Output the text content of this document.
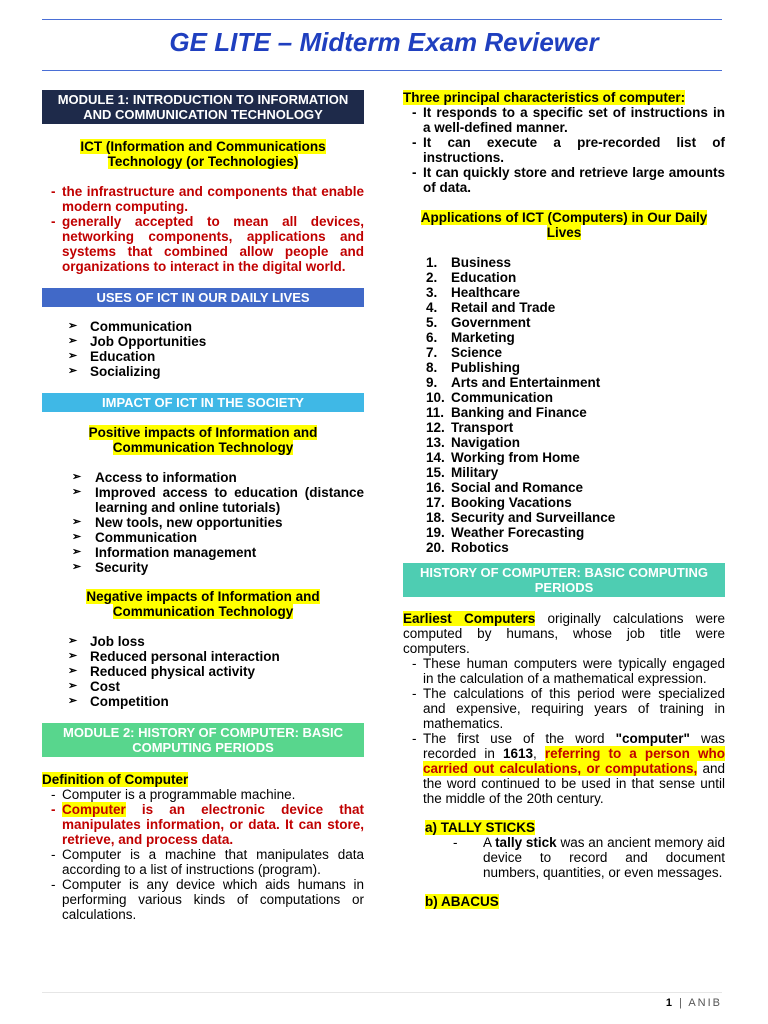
GE LITE – Midterm Exam Reviewer
MODULE 1: INTRODUCTION TO INFORMATION AND COMMUNICATION TECHNOLOGY
ICT (Information and Communications Technology (or Technologies)
- the infrastructure and components that enable modern computing.
- generally accepted to mean all devices, networking components, applications and systems that combined allow people and organizations to interact in the digital world.
USES OF ICT IN OUR DAILY LIVES
➢ Communication
➢ Job Opportunities
➢ Education
➢ Socializing
IMPACT OF ICT IN THE SOCIETY
Positive impacts of Information and Communication Technology
➢ Access to information
➢ Improved access to education (distance learning and online tutorials)
➢ New tools, new opportunities
➢ Communication
➢ Information management
➢ Security
Negative impacts of Information and Communication Technology
➢ Job loss
➢ Reduced personal interaction
➢ Reduced physical activity
➢ Cost
➢ Competition
MODULE 2: HISTORY OF COMPUTER: BASIC COMPUTING PERIODS
Definition of Computer
- Computer is a programmable machine.
- Computer is an electronic device that manipulates information, or data. It can store, retrieve, and process data.
- Computer is a machine that manipulates data according to a list of instructions (program).
- Computer is any device which aids humans in performing various kinds of computations or calculations.
Three principal characteristics of computer:
- It responds to a specific set of instructions in a well-defined manner.
- It can execute a pre-recorded list of instructions.
- It can quickly store and retrieve large amounts of data.
Applications of ICT (Computers) in Our Daily Lives
1. Business
2. Education
3. Healthcare
4. Retail and Trade
5. Government
6. Marketing
7. Science
8. Publishing
9. Arts and Entertainment
10. Communication
11. Banking and Finance
12. Transport
13. Navigation
14. Working from Home
15. Military
16. Social and Romance
17. Booking Vacations
18. Security and Surveillance
19. Weather Forecasting
20. Robotics
HISTORY OF COMPUTER: BASIC COMPUTING PERIODS

Earliest Computers originally calculations were computed by humans, whose job title were computers.

- These human computers were typically engaged in the calculation of a mathematical expression.
- The calculations of this period were specialized and expensive, requiring years of training in mathematics.
- The first use of the word "computer" was recorded in 1613, referring to a person who carried out calculations, or computations, and the word continued to be used in that sense until the middle of the 20th century.
a) TALLY STICKS
- A tally stick was an ancient memory aid device to record and document numbers, quantities, or even messages.
b) ABACUS
1 | ANIB
